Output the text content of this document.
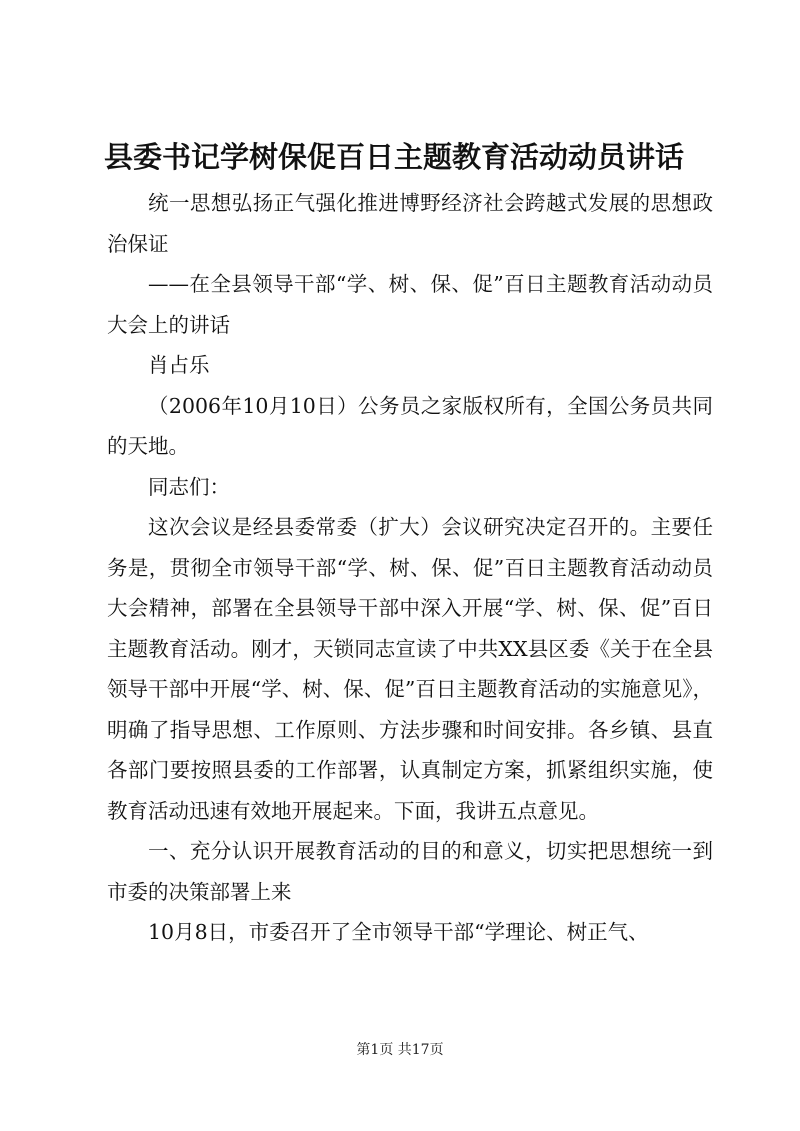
县委书记学树保促百日主题教育活动动员讲话

统一思想弘扬正气强化推进博野经济社会跨越式发展的思想政治保证

——在全县领导干部“学、树、保、促”百日主题教育活动动员大会上的讲话

肖占乐

（2006年10月10日）公务员之家版权所有，全国公务员共同的天地。

同志们：

这次会议是经县委常委（扩大）会议研究决定召开的。主要任务是，贯彻全市领导干部“学、树、保、促”百日主题教育活动动员大会精神，部署在全县领导干部中深入开展“学、树、保、促”百日主题教育活动。刚才，天锁同志宣读了中共XX县区委《关于在全县领导干部中开展“学、树、保、促”百日主题教育活动的实施意见》，明确了指导思想、工作原则、方法步骤和时间安排。各乡镇、县直各部门要按照县委的工作部署，认真制定方案，抓紧组织实施，使教育活动迅速有效地开展起来。下面，我讲五点意见。

一、充分认识开展教育活动的目的和意义，切实把思想统一到市委的决策部署上来

10月8日，市委召开了全市领导干部“学理论、树正气、

第1页 共17页
